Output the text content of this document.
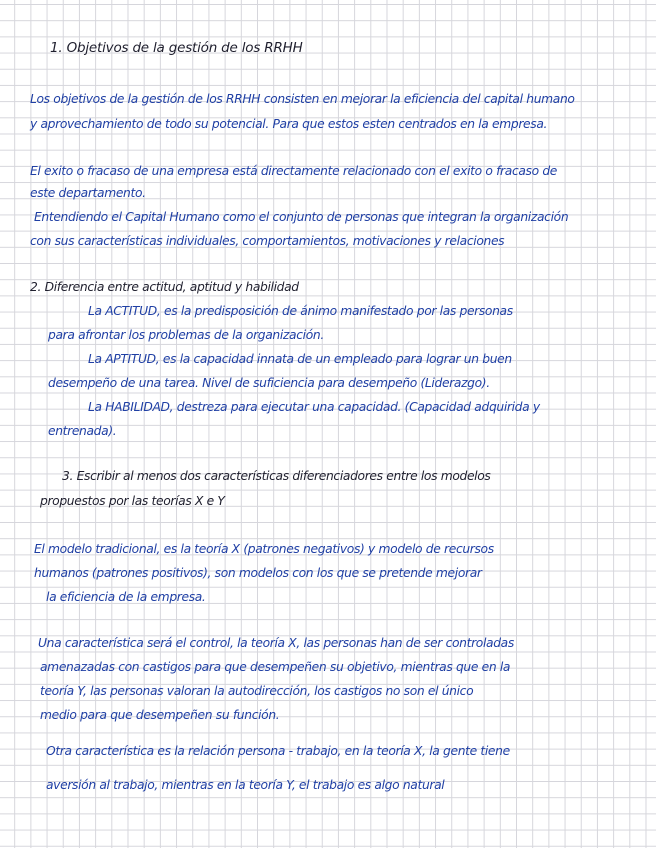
1. Objetivos de la gestión de los RRHH
Los objetivos de la gestión de los RRHH consisten en mejorar la eficiencia del capital humano
y aprovechamiento de todo su potencial. Para que estos esten centrados en la empresa.
El exito o fracaso de una empresa está directamente relacionado con el exito o fracaso de
este departamento.
Entendiendo el Capital Humano como el conjunto de personas que integran la organización
con sus características individuales, comportamientos, motivaciones y relaciones
2. Diferencia entre actitud, aptitud y habilidad
La ACTITUD, es la predisposición de ánimo manifestado por las personas
para afrontar los problemas de la organización.
La APTITUD, es la capacidad innata de un empleado para lograr un buen
desempeño de una tarea. Nivel de suficiencia para desempeño (Liderazgo).
La HABILIDAD, destreza para ejecutar una capacidad. (Capacidad adquirida y
entrenada).
3. Escribir al menos dos características diferenciadores entre los modelos
propuestos por las teorías X e Y
El modelo tradicional, es la teoría X (patrones negativos) y modelo de recursos
humanos (patrones positivos), son modelos con los que se pretende mejorar
la eficiencia de la empresa.
Una característica será el control, la teoría X, las personas han de ser controladas
amenazadas con castigos para que desempeñen su objetivo, mientras que en la
teoría Y, las personas valoran la autodirección, los castigos no son el único
medio para que desempeñen su función.
Otra característica es la relación persona - trabajo, en la teoría X, la gente tiene
aversión al trabajo, mientras en la teoría Y, el trabajo es algo natural
